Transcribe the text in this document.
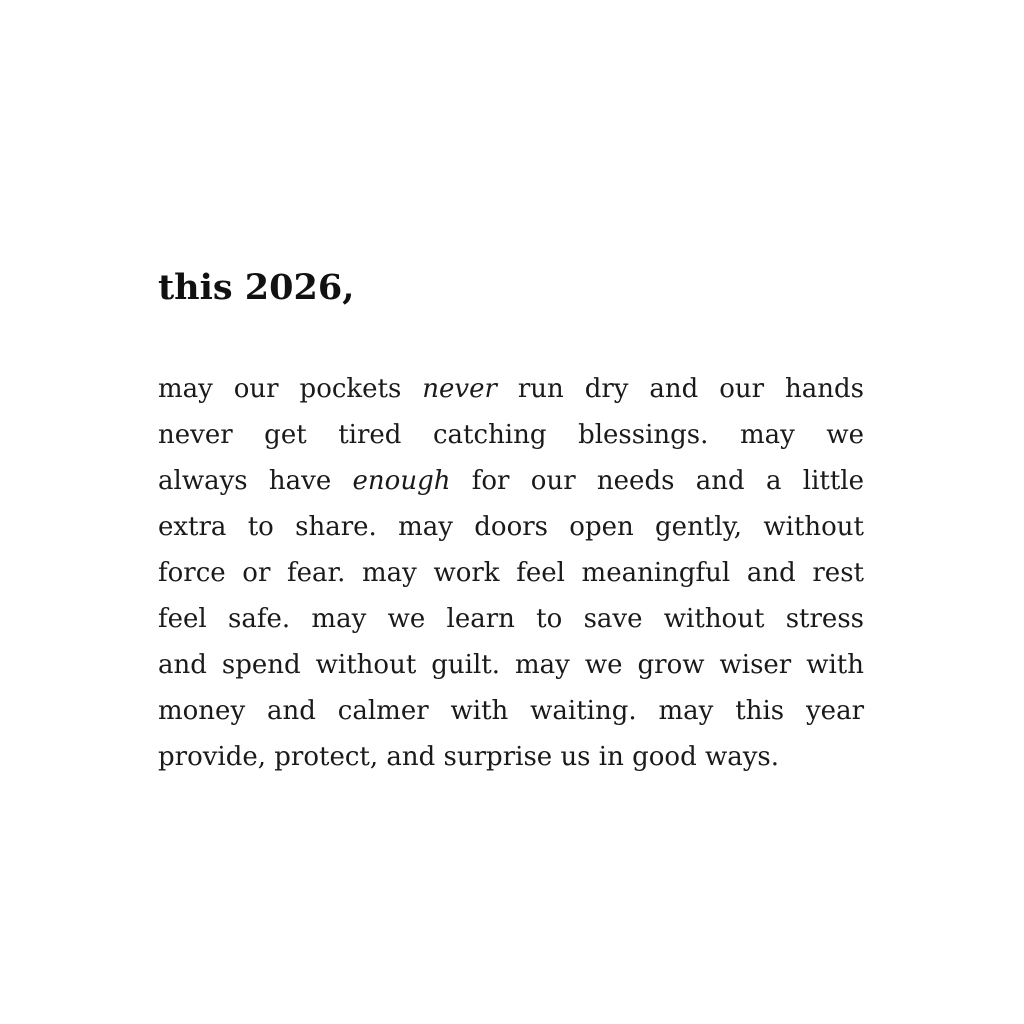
this 2026,
may our pockets never run dry and our hands
never get tired catching blessings. may we
always have enough for our needs and a little
extra to share. may doors open gently, without
force or fear. may work feel meaningful and rest
feel safe. may we learn to save without stress
and spend without guilt. may we grow wiser with
money and calmer with waiting. may this year
provide, protect, and surprise us in good ways.
